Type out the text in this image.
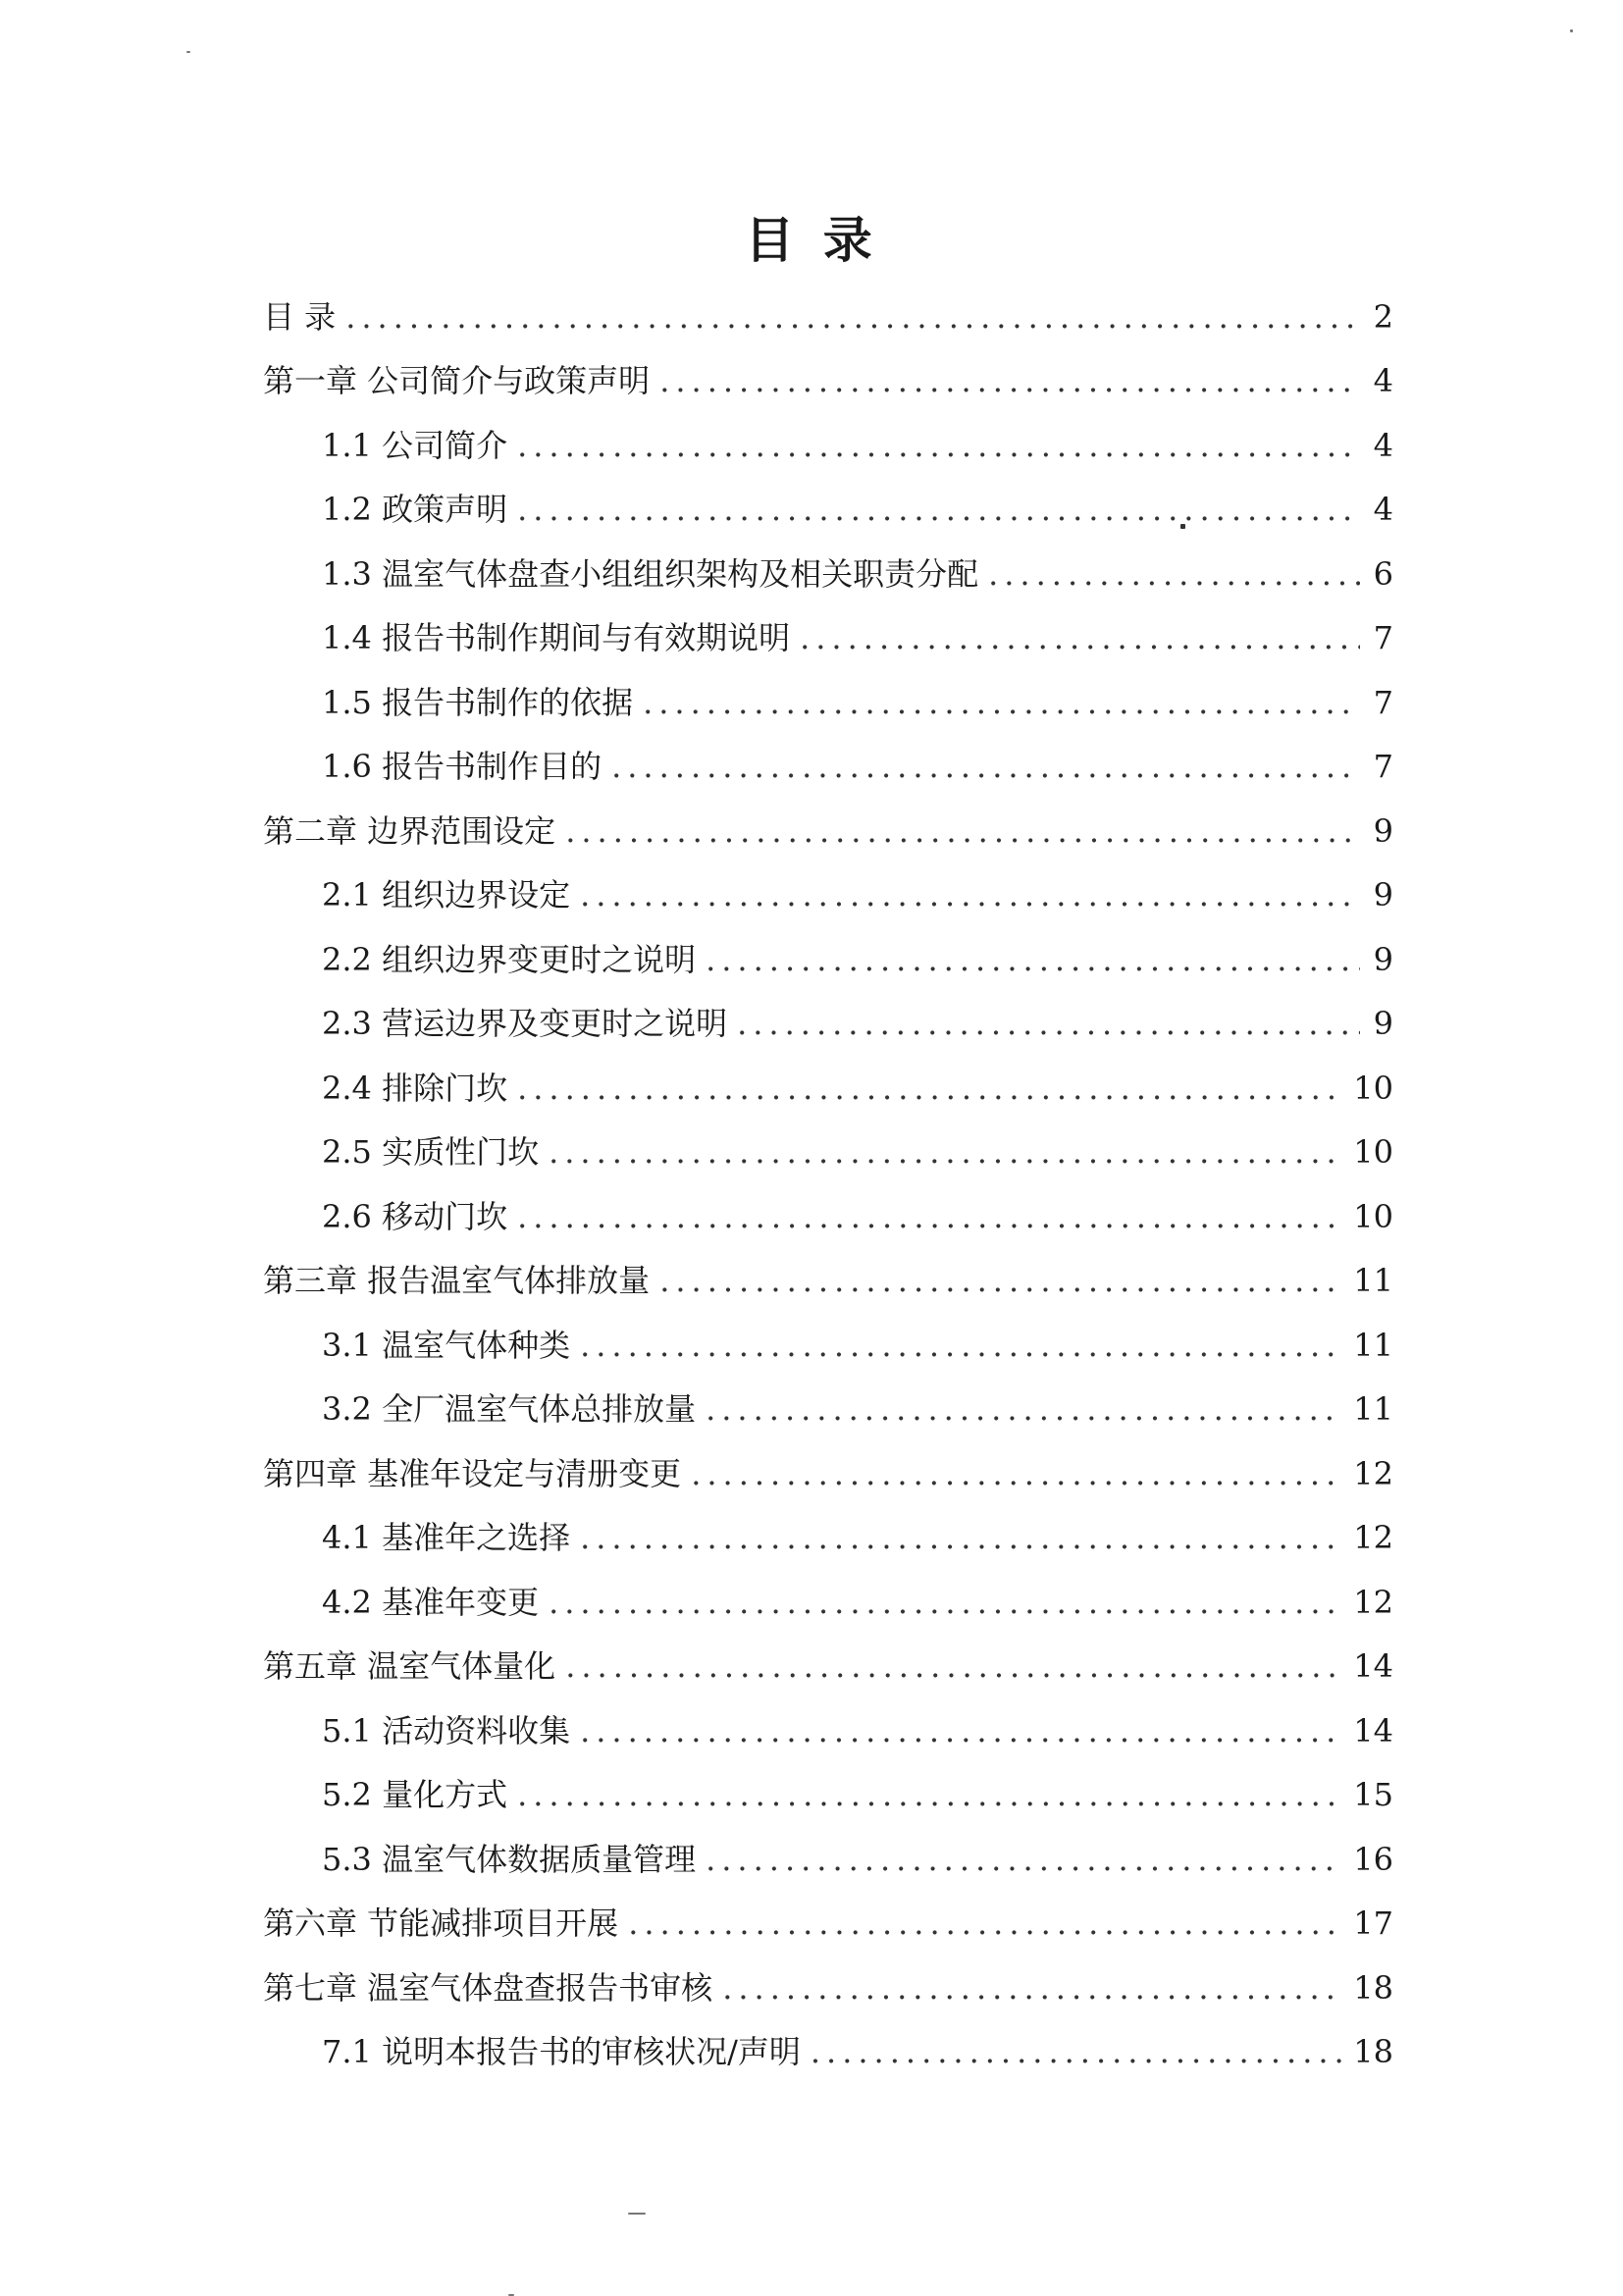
目 录
目 录 .....	2
第一章 公司简介与政策声明 .....	4
1.1 公司简介 .....	4
1.2 政策声明 .....	4
1.3 温室气体盘查小组组织架构及相关职责分配 .....	6
1.4 报告书制作期间与有效期说明 .....	7
1.5 报告书制作的依据 .....	7
1.6 报告书制作目的 .....	7
第二章 边界范围设定 .....	9
2.1 组织边界设定 .....	9
2.2 组织边界变更时之说明 .....	9
2.3 营运边界及变更时之说明 .....	9
2.4 排除门坎 .....	10
2.5 实质性门坎 .....	10
2.6 移动门坎 .....	10
第三章 报告温室气体排放量 .....	11
3.1 温室气体种类 .....	11
3.2 全厂温室气体总排放量 .....	11
第四章 基准年设定与清册变更 .....	12
4.1 基准年之选择 .....	12
4.2 基准年变更 .....	12
第五章 温室气体量化 .....	14
5.1 活动资料收集 .....	14
5.2 量化方式 .....	15
5.3 温室气体数据质量管理 .....	16
第六章 节能减排项目开展 .....	17
第七章 温室气体盘查报告书审核 .....	18
7.1 说明本报告书的审核状况/声明 .....	18
